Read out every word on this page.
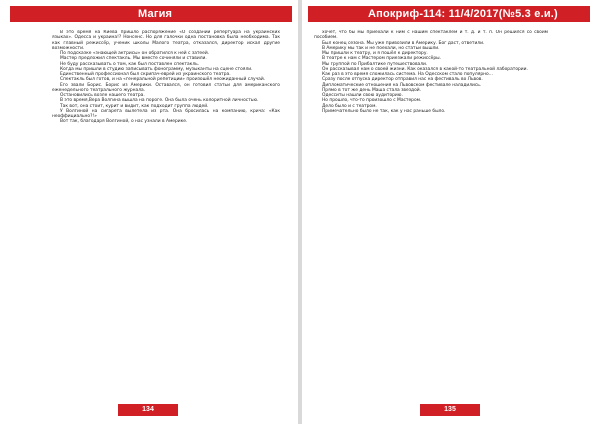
Магия

В это время на Киева пришло распоряжение «О создании репертуара на украинских языках». Одесса и украина!? Нонсенс. Но для галочки одна постановка была необходима. Так как главный режиссёр, ученик школы Малого театра, отказался, директор искал другие возможности.

По подсказке «знающей актрисы» он обратился к ней с затеей.

Мастер предложил спектакль. Мы вместе сочиняли и ставили.

Не буду рассказывать о том, как был поставлен спектакль.

Когда мы пришли в студию записывать фонограмму, музыканты на сцене стояли.

Единственный профессионал был скрипач-еврей из украинского театра.

Спектакль был готов, и на «генеральной репетиции» произошёл неожиданный случай.

Его звали Борис. Борис из Америки. Оставался, он готовил статьи для американского еженедельного театрального журнала.

Остановились возле нашего театра.

В это время,Вера Волгина вышла на пороге. Она была очень колоритной личностью.

Так вот, она стоит, курит и видит, как подходит группа людей.

У Волгиной на сигарета вылетела из рта. Она бросилась на компанию, крича: «Как неоффициально?!»

Вот так, благодаря Волгиной, о нас узнали в Америке.

134
Апокриф-114: 11/4/2017(№5.3 е.и.)

хочет, что бы мы приехали к ним с нашим спектаклем и т. д. и т. п. Он решился со своим пособием.

Был конец сезона. Мы уже привозили в Америку. Бог даст, ответили.

В Америку мы так и не поехали, но статьи вышли.

Мы пришли к театру, и я пошёл к директору.

В театре к нам с Мастером приезжали режиссёры.

Мы группой по Прибалтике путешествовали.

Он рассказывал нам о своей жизни. Как оказался в какой-то театральной лаборатории.

Как раз в это время сложилась система. На Одесском стало популярно...

Сразу после отпуска директор отправил нас на фестиваль во Львов.

Дипломатические отношения на Львовском фестивале наладились.

Прямо в тот же день Маша стала звездой.

Одесситы нашли свою аудиторию.

Но прошло, что-то произошло с Мастером.

Дело было и с театром.

Примечательно было не так, как у нас раньше было.

135
